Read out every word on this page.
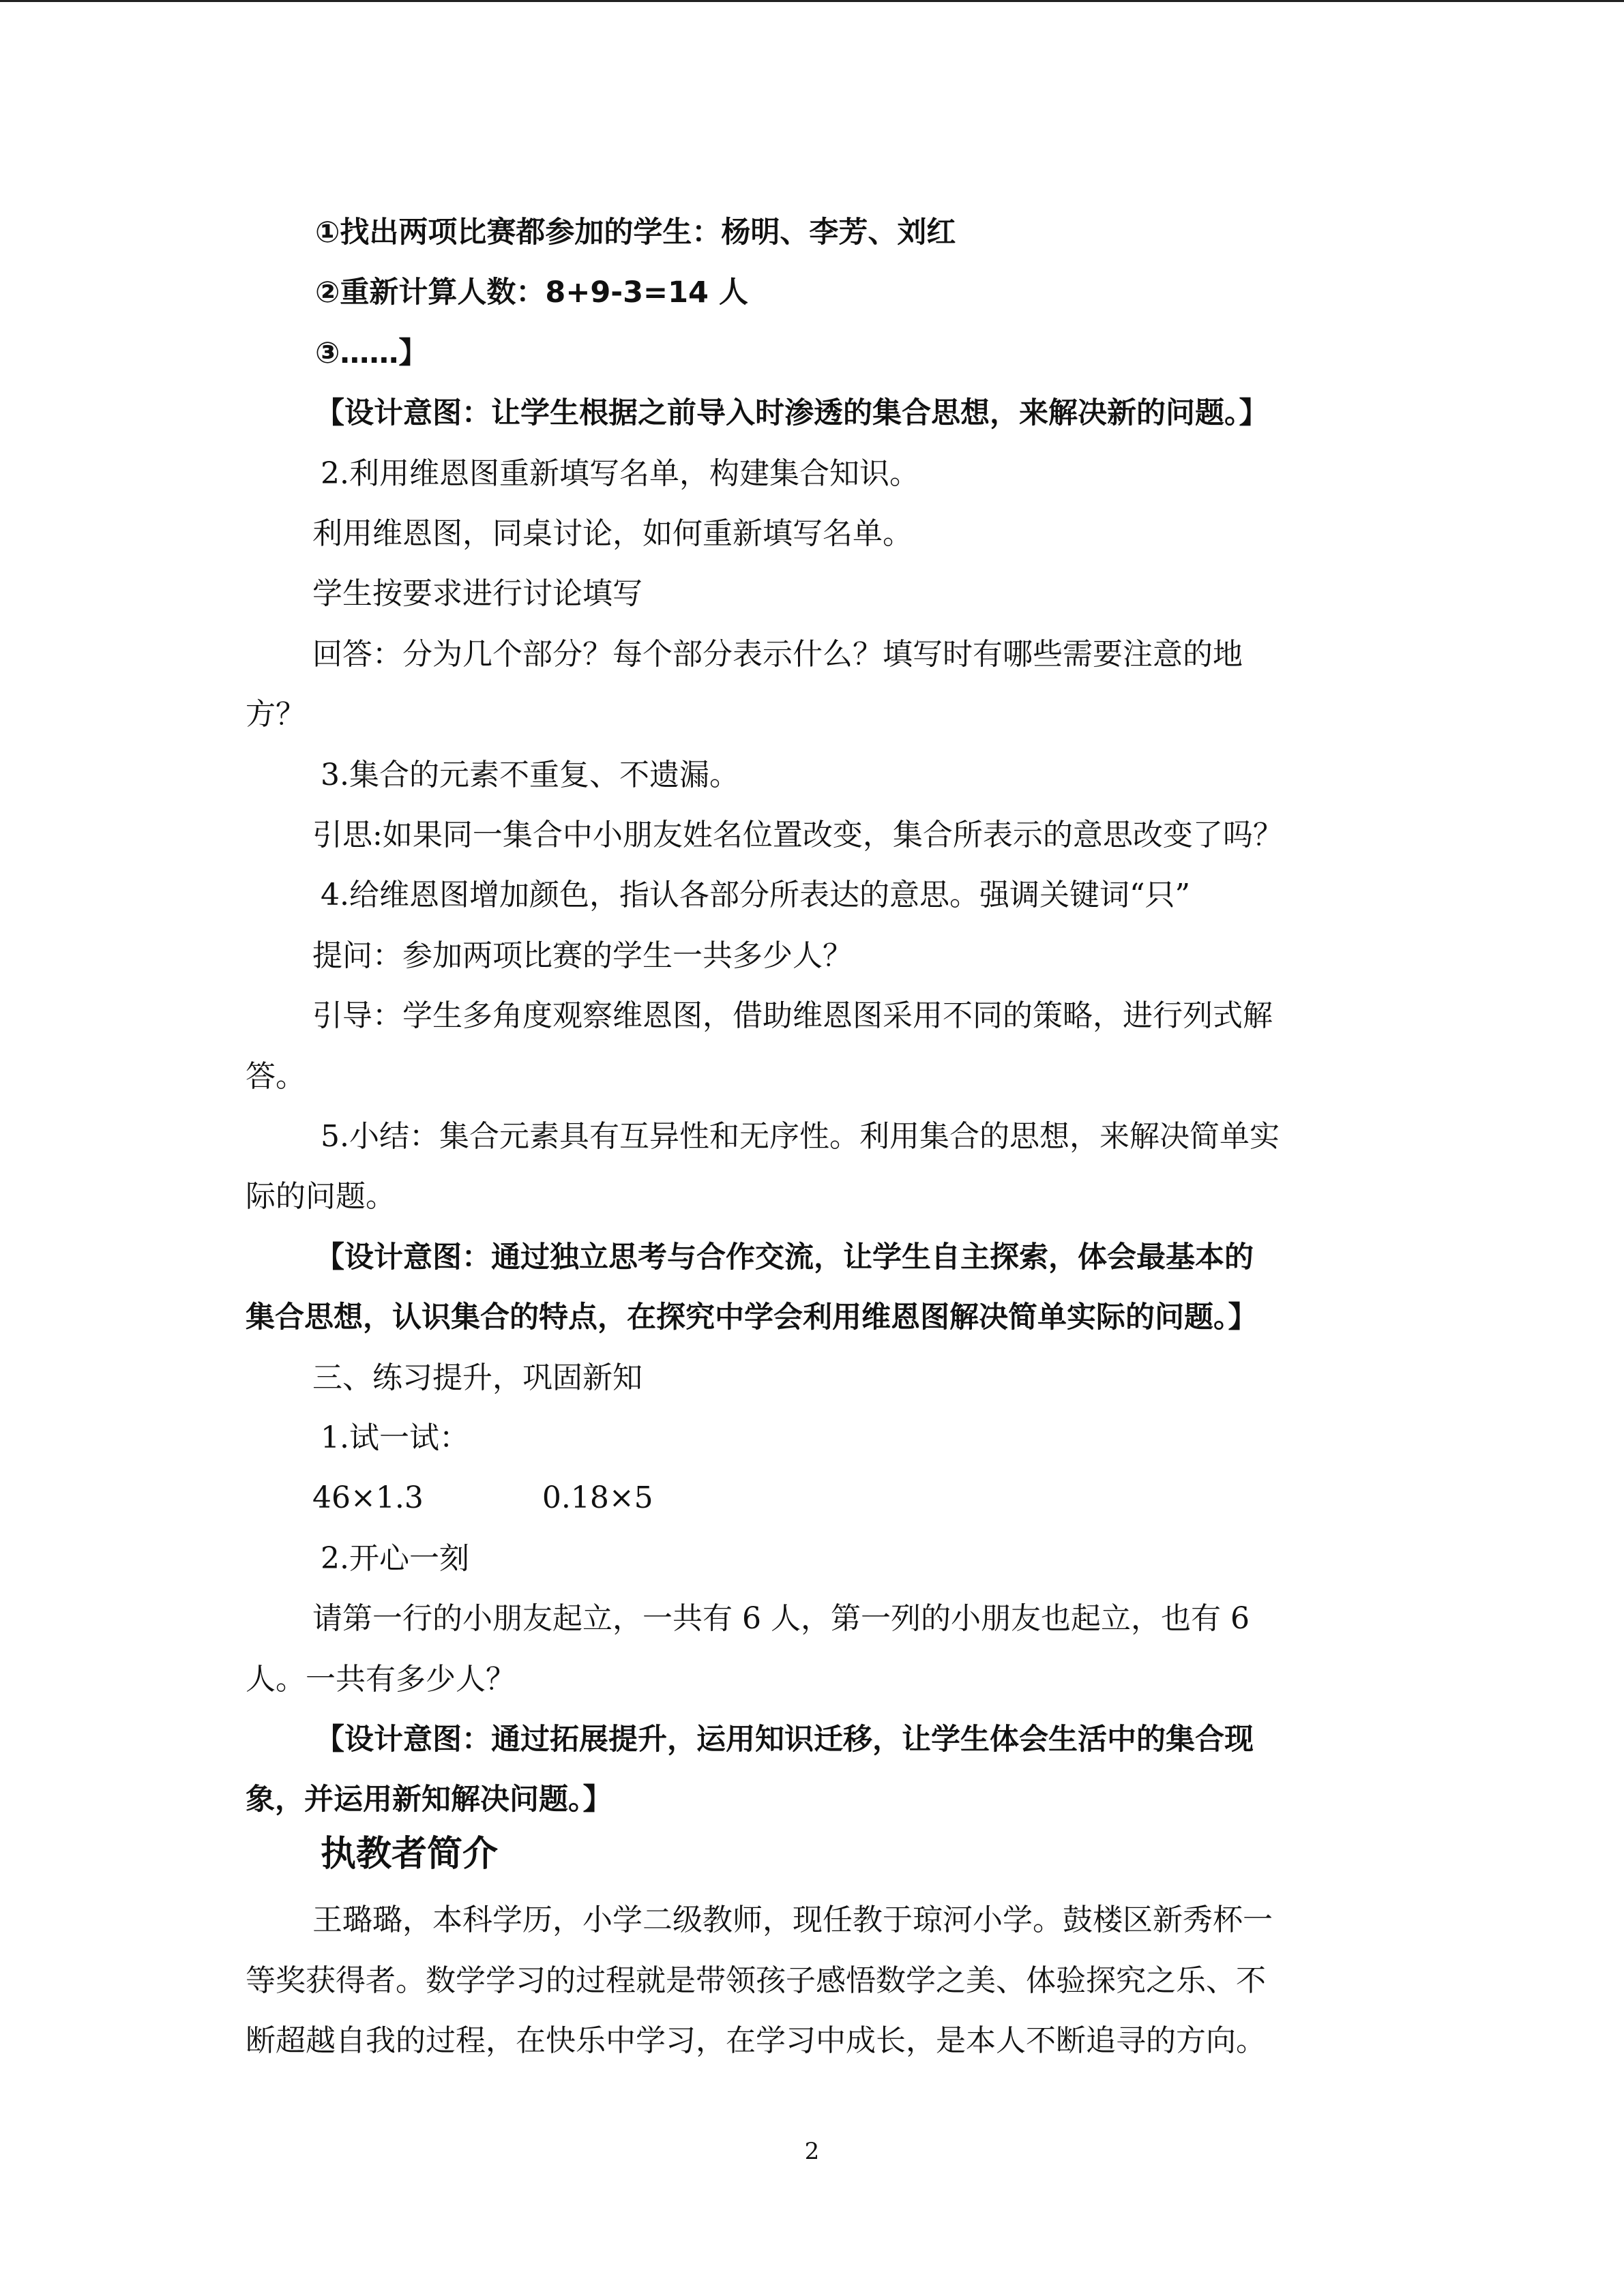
①找出两项比赛都参加的学生：杨明、李芳、刘红
②重新计算人数：8+9-3=14 人
③……】
【设计意图：让学生根据之前导入时渗透的集合思想，来解决新的问题。】
2.利用维恩图重新填写名单，构建集合知识。
利用维恩图，同桌讨论，如何重新填写名单。
学生按要求进行讨论填写
回答：分为几个部分？每个部分表示什么？填写时有哪些需要注意的地
方？
3.集合的元素不重复、不遗漏。
引思:如果同一集合中小朋友姓名位置改变，集合所表示的意思改变了吗？
4.给维恩图增加颜色，指认各部分所表达的意思。强调关键词“只”
提问：参加两项比赛的学生一共多少人？
引导：学生多角度观察维恩图，借助维恩图采用不同的策略，进行列式解
答。
5.小结：集合元素具有互异性和无序性。利用集合的思想，来解决简单实
际的问题。
【设计意图：通过独立思考与合作交流，让学生自主探索，体会最基本的
集合思想，认识集合的特点，在探究中学会利用维恩图解决简单实际的问题。】
三、练习提升，巩固新知
1.试一试：
46×1.3	0.18×5
2.开心一刻
请第一行的小朋友起立，一共有 6 人，第一列的小朋友也起立，也有 6
人。一共有多少人？
【设计意图：通过拓展提升，运用知识迁移，让学生体会生活中的集合现
象，并运用新知解决问题。】
执教者简介
王璐璐，本科学历，小学二级教师，现任教于琼河小学。鼓楼区新秀杯一
等奖获得者。数学学习的过程就是带领孩子感悟数学之美、体验探究之乐、不
断超越自我的过程，在快乐中学习，在学习中成长，是本人不断追寻的方向。
2
